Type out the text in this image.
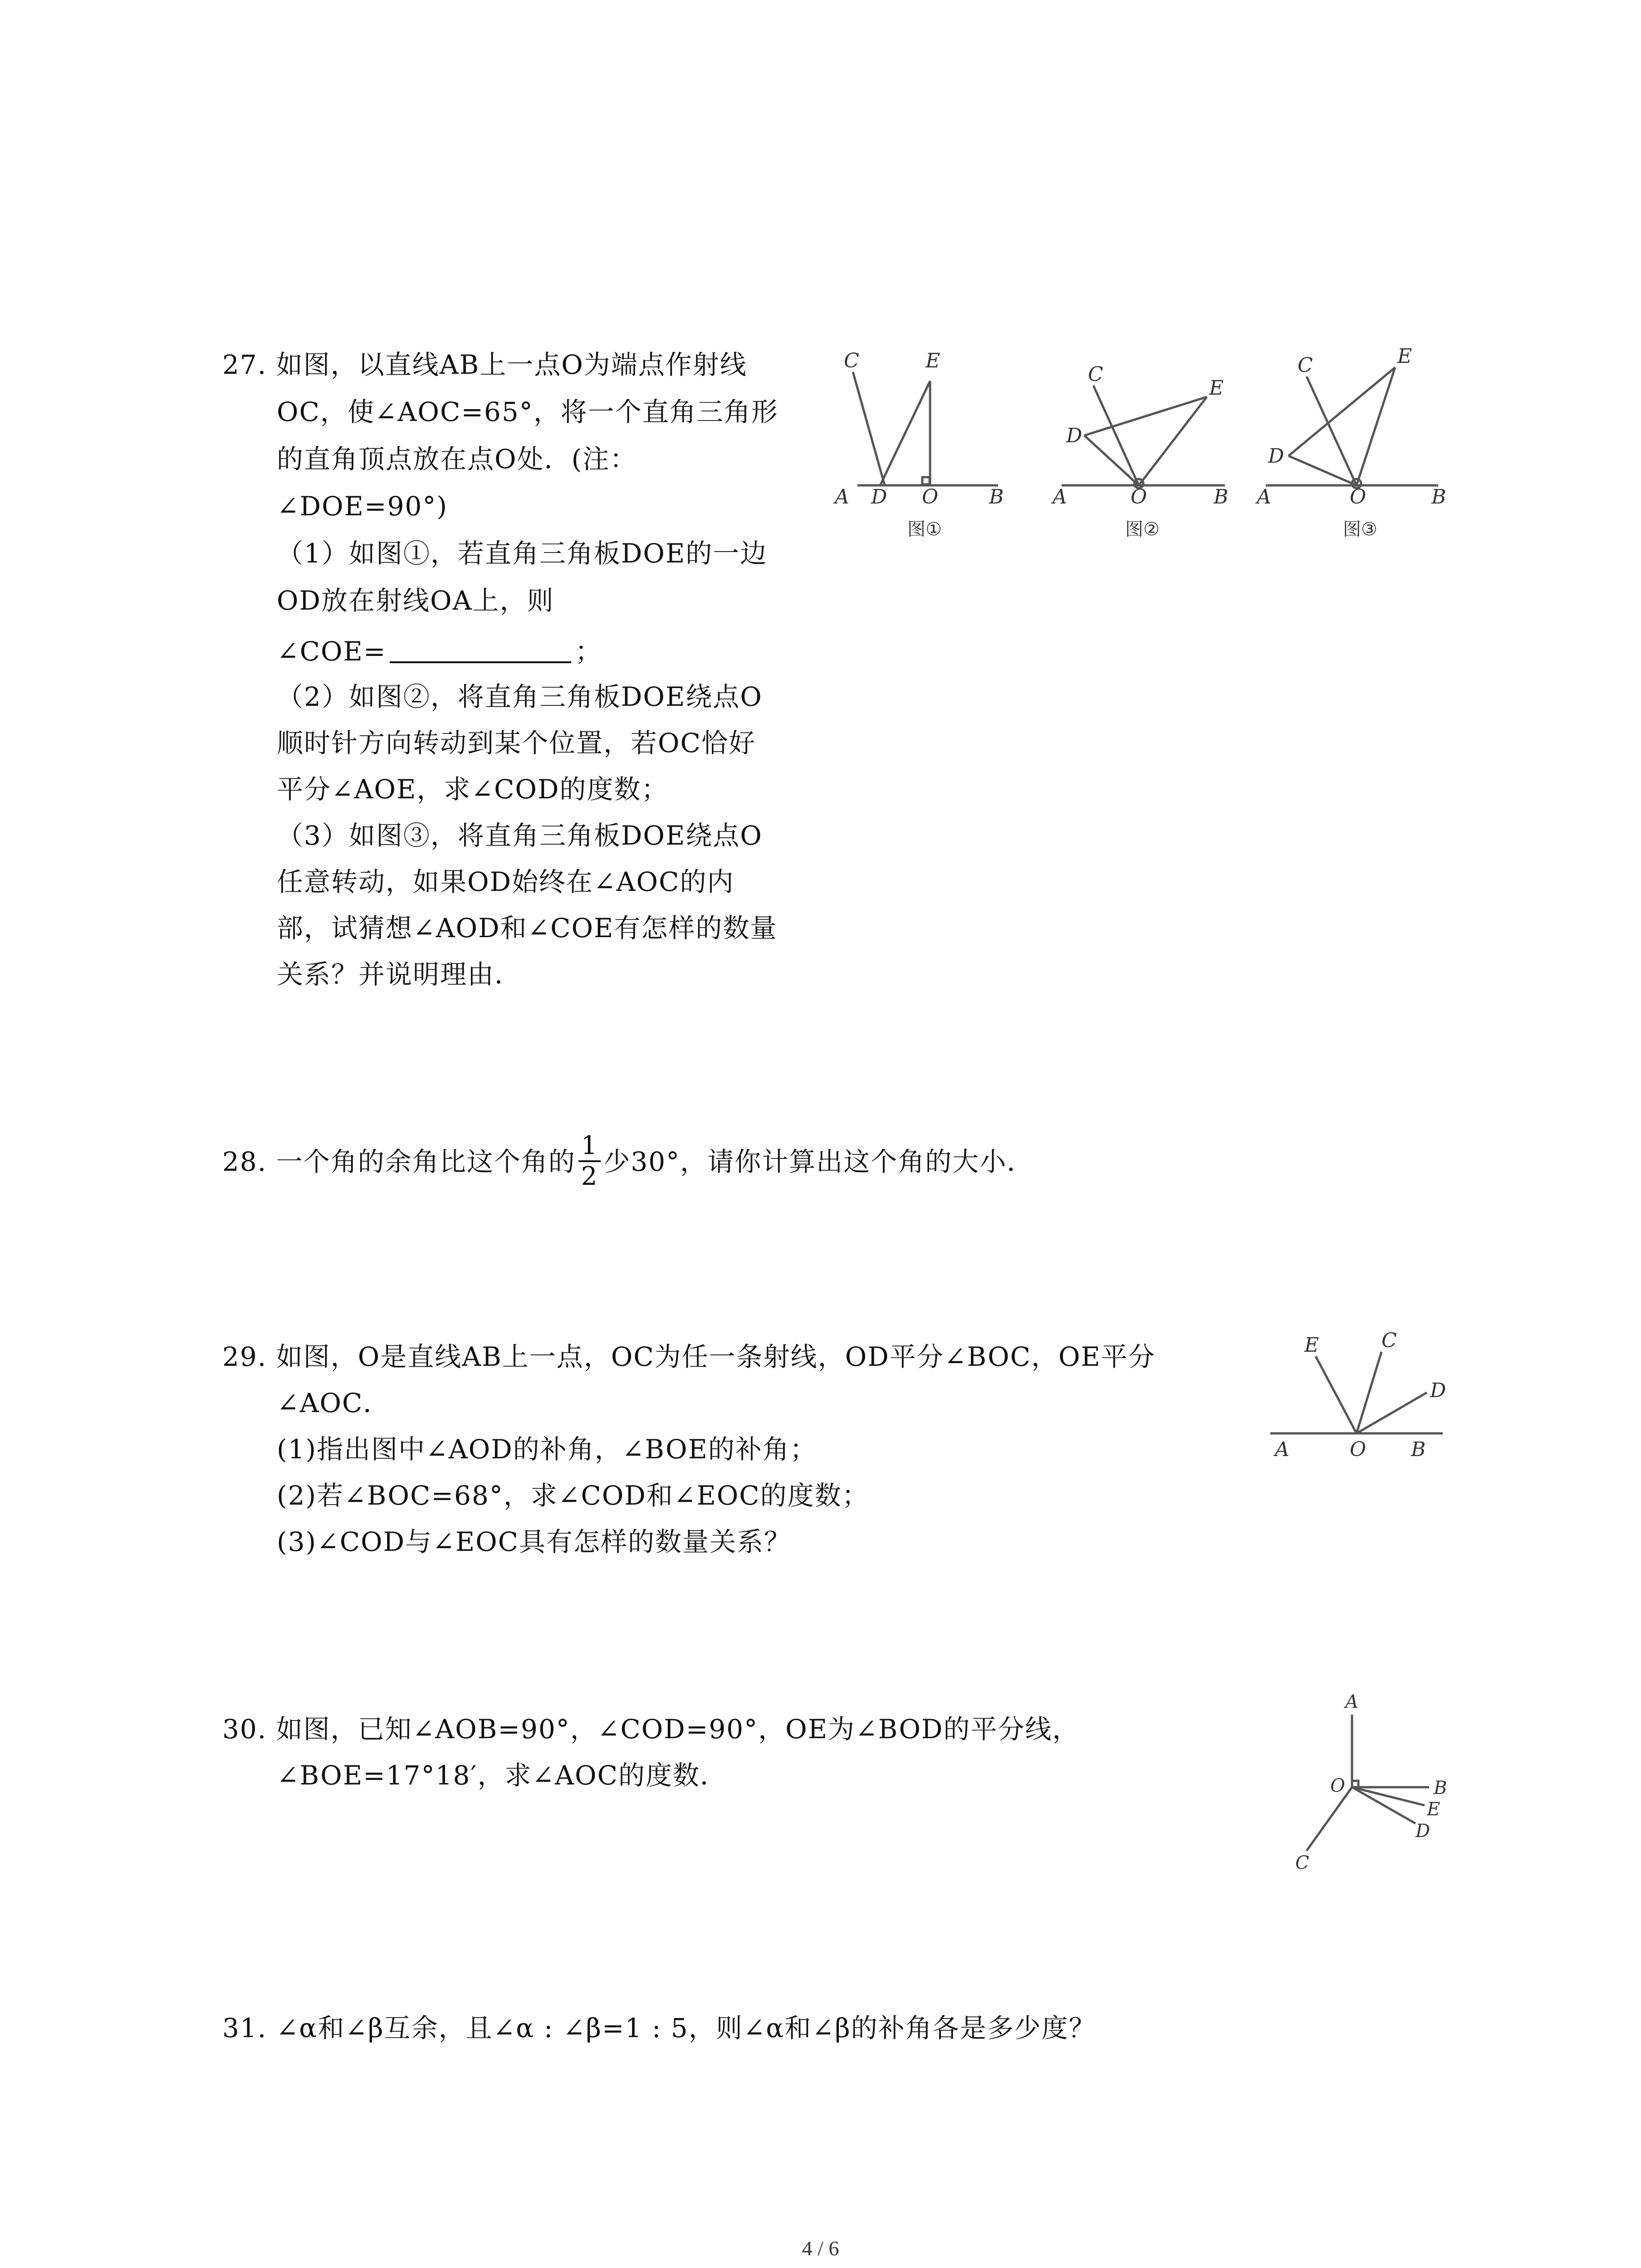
27. 如图，以直线AB上一点O为端点作射线
OC，使∠AOC=65°，将一个直角三角形
的直角顶点放在点O处．(注：
∠DOE=90°)
（1）如图①，若直角三角板DOE的一边
OD放在射线OA上，则
∠COE=	；
（2）如图②，将直角三角板DOE绕点O
顺时针方向转动到某个位置，若OC恰好
平分∠AOE，求∠COD的度数；
（3）如图③，将直角三角板DOE绕点O
任意转动，如果OD始终在∠AOC的内
部，试猜想∠AOD和∠COE有怎样的数量
关系？并说明理由．
C	E
A D O	B
图①
C
E
D
A	O	B
图②
C	E
D
A	O	B
图③
28. 一个角的余角比这个角的 $\frac{1}{2}$ 少30°，请你计算出这个角的大小．
29. 如图，O是直线AB上一点，OC为任一条射线，OD平分∠BOC，OE平分
∠AOC．
(1)指出图中∠AOD的补角，∠BOE的补角；
(2)若∠BOC=68°，求∠COD和∠EOC的度数；
(3)∠COD与∠EOC具有怎样的数量关系？
E	C
D
A	O B
30. 如图，已知∠AOB=90°，∠COD=90°，OE为∠BOD的平分线，
∠BOE=17°18′，求∠AOC的度数．
A
O	B
E
D
C
31. ∠α和∠β互余，且∠α : ∠β=1 : 5，则∠α和∠β的补角各是多少度？
4 / 6
